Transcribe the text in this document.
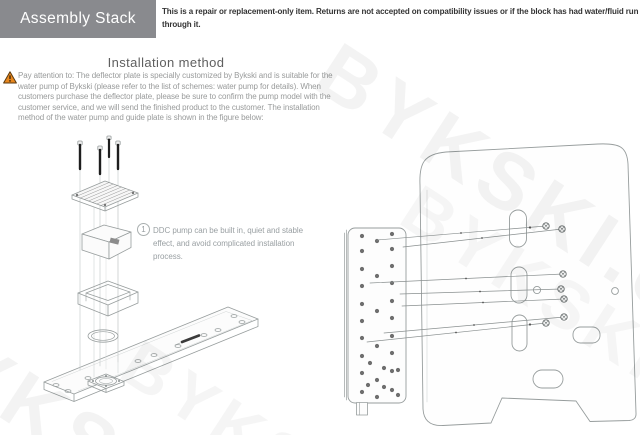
Assembly Stack	This is a repair or replacement-only item. Returns are not accepted on compatibility issues or if the block has had water/fluid run through it.
Installation method
Pay attention to: The deflector plate is specially customized by Bykski and is suitable for the water pump of Bykski (please refer to the list of schemes: water pump for details). When customers purchase the deflector plate, please be sure to confirm the pump model with the customer service, and we will send the finished product to the customer. The installation method of the water pump and guide plate is shown in the figure below:
1 DDC pump can be built in, quiet and stable effect, and avoid complicated installation process.
